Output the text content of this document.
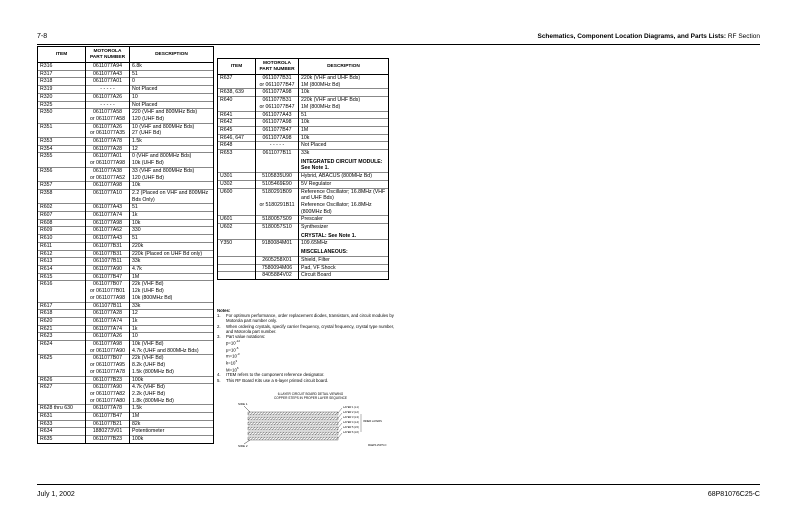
7-8	Schematics, Component Location Diagrams, and Parts Lists: RF Section
ITEM	MOTOROLA PART NUMBER	DESCRIPTION
R316	0611077A94	6.8k
R317	0611077A43	51
R318	0611077A01	0
R319	- - - - -	Not Placed
R320	0611077A26	10
R325	- - - - -	Not Placed
R350	0611077A58	220 (VHF and 800MHz Bds)
	or 0611077A58	120 (UHF Bd)
R351	0611077A26	10 (VHF and 800MHz Bds)
	or 0611077A35	27 (UHF Bd)
R353	0611077A78	1.5k
R354	0611077A28	12
R355	0611077A01	0 (VHF and 800MHz Bds)
	or 0611077A98	10k (UHF Bd)
R356	0611077A38	33 (VHF and 800MHz Bds)
	or 0611077A52	120 (UHF Bd)
R357	0611077A98	10k
R358	0611077A10	2.2 (Placed on VHF and 800MHz Bds Only)
R602	0611077A43	51
R607	0611077A74	1k
R608	0611077A98	10k
R609	0611077A62	330
R610	0611077A43	51
R611	0611077B31	220k
R612	0611077B31	220k (Placed on UHF Bd only)
R613	0611077B11	33k
R614	0611077A90	4.7k
R615	0611077B47	1M
R616	0611077B07	22k (VHF Bd)
	or 0611077B01	12k (UHF Bd)
	or 0611077A98	10k (800MHz Bd)
R617	0611077B11	33k
R618	0611077A28	12
R620	0611077A74	1k
R621	0611077A74	1k
R623	0611077A26	10
R624	0611077A98	10k (VHF Bd)
	or 0611077A90	4.7k (UHF and 800MHz Bds)
R625	0611077B07	22k (VHF Bd)
	or 0611077A95	8.2k (UHF Bd)
	or 0611077A78	1.5k (800MHz Bd)
R626	0611077B23	100k
R627	0611077A90	4.7k (VHF Bd)
	or 0611077A82	2.2k (UHF Bd)
	or 0611077A80	1.8k (800MHz Bd)
R628 thru 630	0611077A78	1.5k
R631	0611077B47	1M
R633	0611077B21	82k
R634	1880273V01	Potentiometer
R635	0611077B23	100k
ITEM	MOTOROLA PART NUMBER	DESCRIPTION
R637	0611077B31	220k (VHF and UHF Bds)
	or 0611077B47	1M (800MHz Bd)
R638, 639	0611077A98	10k
R640	0611077B31	220k (VHF and UHF Bds)
	or 0611077B47	1M (800MHz Bd)
R641	0611077A43	51
R642	0611077A98	10k
R645	0611077B47	1M
R646, 647	0611077A98	10k
R648	- - - - -	Not Placed
R653	0611077B11	33k
		INTEGRATED CIRCUIT MODULE: See Note 1.
U301	5105835U90	Hybrid, ABACUS (800MHz Bd)
U302	5105469E90	5V Regulator
U600	5180291B09	Reference Oscillator; 16.8MHz (VHF and UHF Bds)
	or 5180291B11	Reference Oscillator; 16.8MHz (800MHz Bd)
U601	5180057S09	Prescaler
U602	5180057S10	Synthesizer
		CRYSTAL: See Note 1.
Y350	9180084M01	109.65MHz
		MISCELLANEOUS:
	2605258X01	Shield, Filter
	7580094M06	Pad, VF Shock
	8405884V02	Circuit Board
Notes:
1.	For optimum performance, order replacement diodes, transistors, and circuit modules by Motorola part number only.
2.	When ordering crystals, specify carrier frequency, crystal frequency, crystal type number, and Motorola part number.
3.	Part value notations:
$p=10^{-12}$
$\mu=10^{-6}$
$m=10^{-3}$
$k=10^3$
$M=10^6$
4.	ITEM refers to the component reference designator.
5.	This RF Board Kits use a 6-layer printed circuit board.
6-LAYER CIRCUIT BOARD DETAIL VIEWING
COPPER STEPS IN PROPER LAYER SEQUENCE
SIDE 1
LAYER 1 (L1)
LAYER 2 (L2)
LAYER 3 (L3)
LAYER 4 (L4)
LAYER 5 (L5)
LAYER 6 (L6)
INNER LAYERS
SIDE 2	MAEPF-25475-O
July 1, 2002	68P81076C25-C
